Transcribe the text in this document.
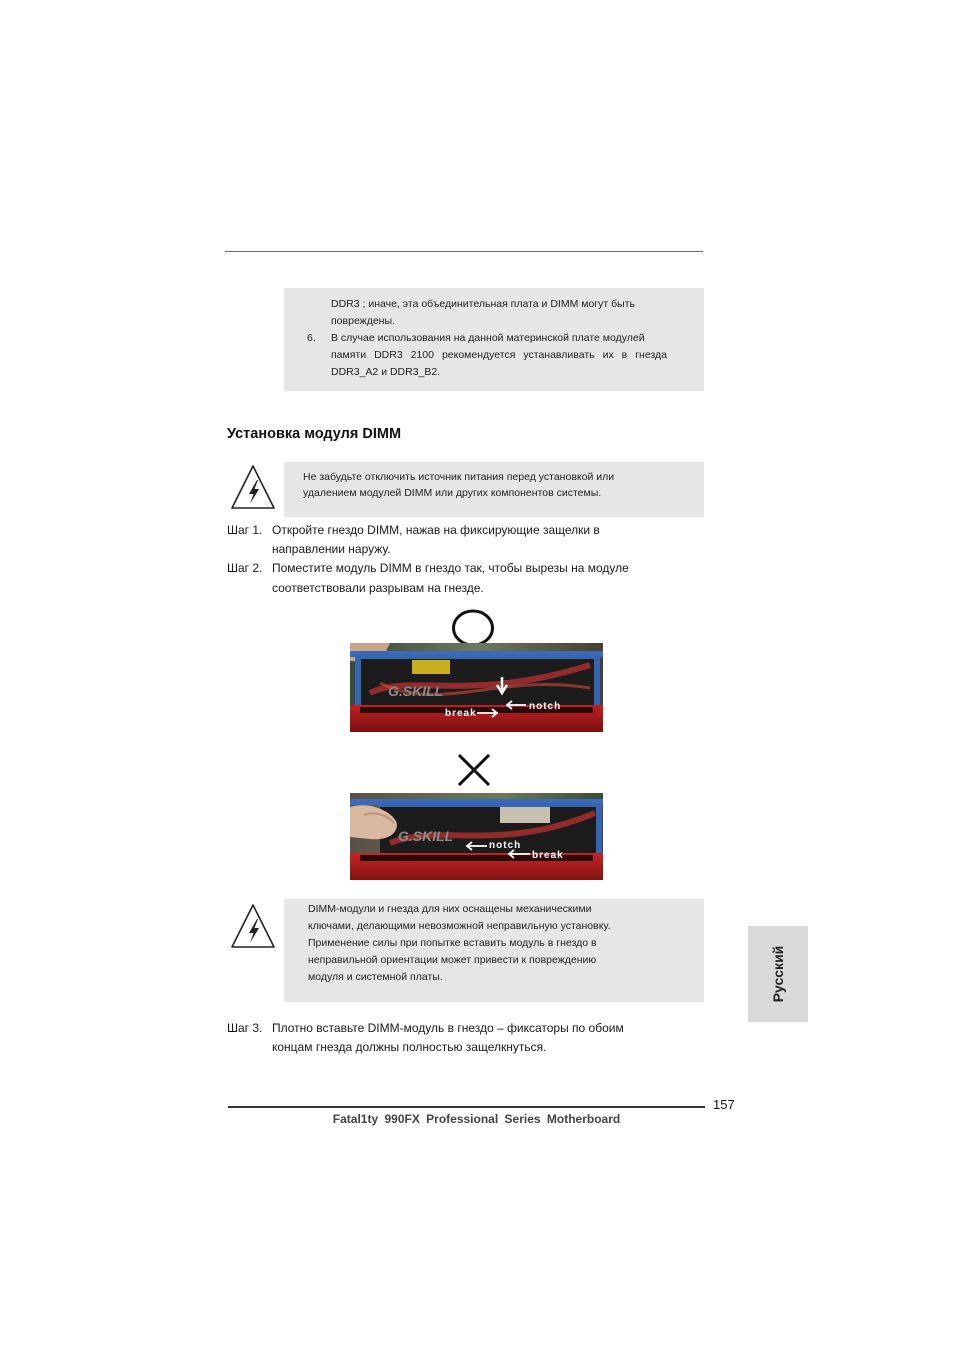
DDR3 ; иначе, эта объединительная плата и DIMM могут быть
повреждены.
6. В случае использования на данной материнской плате модулей
памяти DDR3 2100 рекомендуется устанавливать их в гнезда
DDR3_A2 и DDR3_B2.
Установка модуля DIMM
Не забудьте отключить источник питания перед установкой или
удалением модулей DIMM или других компонентов системы.
Шаг 1. Откройте гнездо DIMM, нажав на фиксирующие защелки в
направлении наружу.
Шаг 2. Поместите модуль DIMM в гнездо так, чтобы вырезы на модуле
соответствовали разрывам на гнезде.
G.SKILL
notch
break
G.SKILL
notch
break
DIMM-модули и гнезда для них оснащены механическими
ключами, делающими невозможной неправильную установку.
Применение силы при попытке вставить модуль в гнездо в
неправильной ориентации может привести к повреждению
модуля и системной платы.
Шаг 3. Плотно вставьте DIMM-модуль в гнездо – фиксаторы по обоим
концам гнезда должны полностью защелкнуться.
Русский
157
Fatal1ty 990FX Professional Series Motherboard
